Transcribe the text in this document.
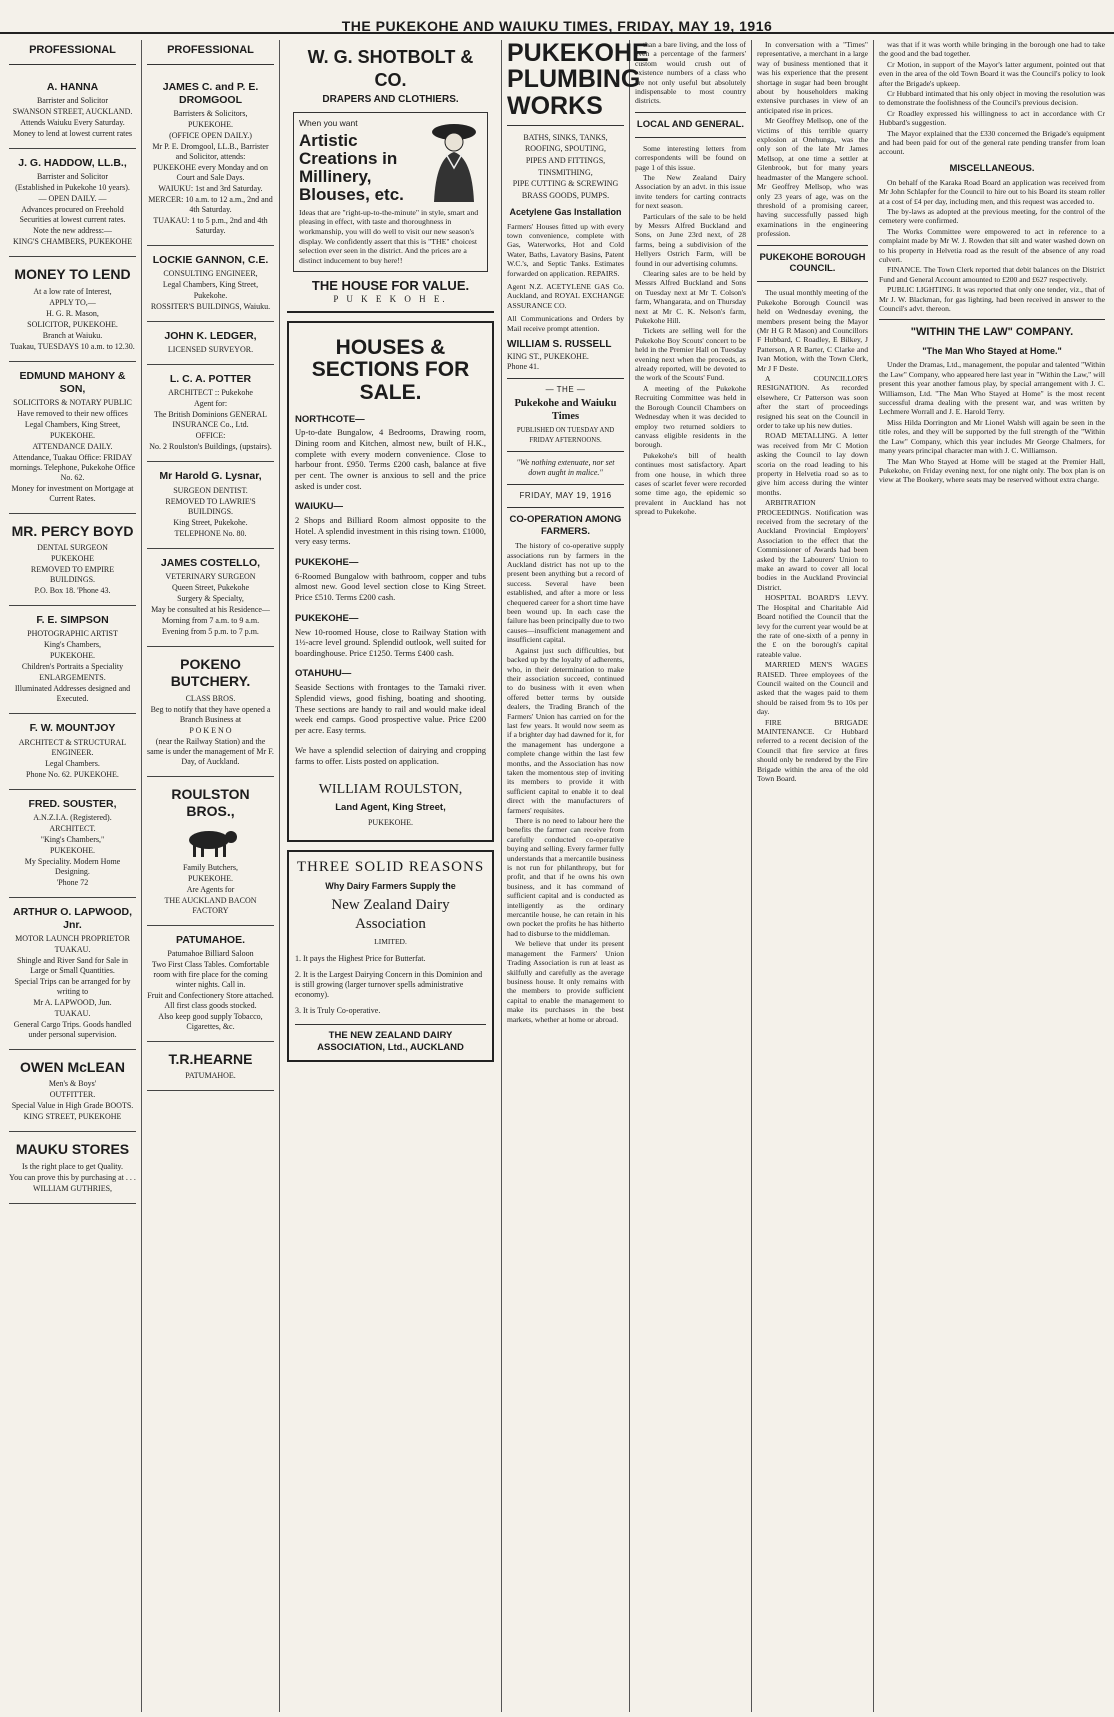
THE PUKEKOHE AND WAIUKU TIMES, FRIDAY, MAY 19, 1916
PROFESSIONAL
A. HANNA
Barrister and Solicitor
SWANSON STREET, AUCKLAND.
Attends Waiuku Every Saturday.
Money to lend at lowest current rates
J. G. HADDOW, LL.B.,
Barrister and Solicitor
(Established in Pukekohe 10 years).
— OPEN DAILY. —
Advances procured on Freehold Securities at lowest current rates.
Note the new address:—
KING'S CHAMBERS, PUKEKOHE
MONEY TO LEND
At a low rate of Interest,
APPLY TO,—
H. G. R. Mason,
SOLICITOR, PUKEKOHE.
Branch at Waiuku.
Tuakau, TUESDAYS 10 a.m. to 12.30.
EDMUND MAHONY & SON,
SOLICITORS & NOTARY PUBLIC
Have removed to their new offices
Legal Chambers, King Street,
PUKEKOHE.
ATTENDANCE DAILY.
Attendance, Tuakau Office: FRIDAY mornings. Telephone, Pukekohe Office No. 62.
Money for investment on Mortgage at Current Rates.
MR. PERCY BOYD
DENTAL SURGEON
PUKEKOHE
REMOVED TO EMPIRE BUILDINGS.
P.O. Box 18. 'Phone 43.
F. E. SIMPSON
PHOTOGRAPHIC ARTIST
King's Chambers,
PUKEKOHE.
Children's Portraits a Speciality
ENLARGEMENTS.
Illuminated Addresses designed and Executed.
F. W. MOUNTJOY
ARCHITECT & STRUCTURAL ENGINEER.
Legal Chambers.
Phone No. 62. PUKEKOHE.
FRED. SOUSTER,
A.N.Z.I.A. (Registered).
ARCHITECT.
"King's Chambers,"
PUKEKOHE.
My Speciality. Modern Home Designing.
'Phone 72
ARTHUR O. LAPWOOD, Jnr.
MOTOR LAUNCH PROPRIETOR
TUAKAU.
Shingle and River Sand for Sale in Large or Small Quantities.
Special Trips can be arranged for by writing to
Mr A. LAPWOOD, Jun.
TUAKAU.
General Cargo Trips. Goods handled under personal supervision.
OWEN McLEAN
Men's & Boys'
OUTFITTER.
Special Value in High Grade BOOTS.
KING STREET, PUKEKOHE
MAUKU STORES
Is the right place to get Quality.
You can prove this by purchasing at . . .
WILLIAM GUTHRIES,
PROFESSIONAL
JAMES C. and P. E. DROMGOOL
Barristers & Solicitors,
PUKEKOHE.
(OFFICE OPEN DAILY.)
Mr P. E. Dromgool, LL.B., Barrister and Solicitor, attends:
PUKEKOHE every Monday and on Court and Sale Days.
WAIUKU: 1st and 3rd Saturday.
MERCER: 10 a.m. to 12 a.m., 2nd and 4th Saturday.
TUAKAU: 1 to 5 p.m., 2nd and 4th Saturday.
LOCKIE GANNON, C.E.
CONSULTING ENGINEER,
Legal Chambers, King Street,
Pukekohe.
ROSSITER'S BUILDINGS, Waiuku.
JOHN K. LEDGER,
LICENSED SURVEYOR.
L. C. A. POTTER
ARCHITECT :: Pukekohe
Agent for:
The British Dominions GENERAL INSURANCE Co., Ltd.
OFFICE:
No. 2 Roulston's Buildings, (upstairs).
Mr Harold G. Lysnar,
SURGEON DENTIST.
REMOVED TO LAWRIE'S BUILDINGS.
King Street, Pukekohe.
TELEPHONE No. 80.
JAMES COSTELLO,
VETERINARY SURGEON
Queen Street, Pukekohe
Surgery & Specialty,
May be consulted at his Residence—
Morning from 7 a.m. to 9 a.m.
Evening from 5 p.m. to 7 p.m.
POKENO BUTCHERY.
CLASS BROS.
Beg to notify that they have opened a Branch Business at
P O K E N O
(near the Railway Station) and the same is under the management of Mr F. Day, of Auckland.
ROULSTON BROS.,
Family Butchers,
PUKEKOHE.
Are Agents for
THE AUCKLAND BACON FACTORY
PATUMAHOE.
Patumahoe Billiard Saloon
Two First Class Tables. Comfortable room with fire place for the coming winter nights. Call in.
Fruit and Confectionery Store attached. All first class goods stocked.
Also keep good supply Tobacco, Cigarettes, &c.
T.R.HEARNE
PATUMAHOE.
W. G. SHOTBOLT & CO.
DRAPERS AND CLOTHIERS.
When you want
Artistic Creations in Millinery, Blouses, etc.
Ideas that are "right-up-to-the-minute" in style, smart and pleasing in effect, with taste and thoroughness in workmanship, you will do well to visit our new season's display. We confidently assert that this is "THE" choicest selection ever seen in the district. And the prices are a distinct inducement to buy here!!
THE HOUSE FOR VALUE.
P U K E K O H E.
HOUSES & SECTIONS FOR SALE.
NORTHCOTE—
Up-to-date Bungalow, 4 Bedrooms, Drawing room, Dining room and Kitchen, almost new, built of H.K., complete with every modern convenience. Close to harbour front. £950. Terms £200 cash, balance at five per cent. The owner is anxious to sell and the price asked is under cost.
WAIUKU—
2 Shops and Billiard Room almost opposite to the Hotel. A splendid investment in this rising town. £1000, very easy terms.
PUKEKOHE—
6-Roomed Bungalow with bathroom, copper and tubs almost new. Good level section close to King Street. Price £510. Terms £200 cash.
PUKEKOHE—
New 10-roomed House, close to Railway Station with 1½-acre level ground. Splendid outlook, well suited for boardinghouse. Price £1250. Terms £400 cash.
OTAHUHU—
Seaside Sections with frontages to the Tamaki river. Splendid views, good fishing, boating and shooting. These sections are handy to rail and would make ideal week end camps. Good prospective value. Price £200 per acre. Easy terms.
We have a splendid selection of dairying and cropping farms to offer. Lists posted on application.
WILLIAM ROULSTON,
Land Agent, King Street,
PUKEKOHE.
THREE SOLID REASONS
Why Dairy Farmers Supply the
New Zealand Dairy Association
LIMITED.
1. It pays the Highest Price for Butterfat.
2. It is the Largest Dairying Concern in this Dominion and is still growing (larger turnover spells administrative economy).
3. It is Truly Co-operative.
THE NEW ZEALAND DAIRY ASSOCIATION, Ltd., AUCKLAND
PUKEKOHE PLUMBING WORKS
BATHS, SINKS, TANKS,
ROOFING, SPOUTING,
PIPES AND FITTINGS,
TINSMITHING,
PIPE CUTTING & SCREWING
BRASS GOODS, PUMPS.
Acetylene Gas Installation
Farmers' Houses fitted up with every town convenience, complete with Gas, Waterworks, Hot and Cold Water, Baths, Lavatory Basins, Patent W.C.'s, and Septic Tanks. Estimates forwarded on application. REPAIRS.
Agent N.Z. ACETYLENE GAS Co. Auckland, and ROYAL EXCHANGE ASSURANCE CO.
All Communications and Orders by Mail receive prompt attention.
WILLIAM S. RUSSELL
KING ST., PUKEKOHE.
Phone 41.
— THE —
Pukekohe and Waiuku Times
PUBLISHED ON TUESDAY AND FRIDAY AFTERNOONS.
"We nothing extenuate, nor set down aught in malice."
FRIDAY, MAY 19, 1916
CO-OPERATION AMONG FARMERS.

The history of co-operative supply associations run by farmers in the Auckland district has not up to the present been anything but a record of success. Several have been established, and after a more or less chequered career for a short time have been wound up. In each case the failure has been principally due to two causes—insufficient management and insufficient capital.

Against just such difficulties, but backed up by the loyalty of adherents, who, in their determination to make their association succeed, continued to do business with it even when offered better terms by outside dealers, the Trading Branch of the Farmers' Union has carried on for the last few years. It would now seem as if a brighter day had dawned for it, for the management has undergone a complete change within the last few months, and the Association has now taken the momentous step of inviting its members to provide it with sufficient capital to enable it to deal direct with the manufacturers of farmers' requisites.

There is no need to labour here the benefits the farmer can receive from carefully conducted co-operative buying and selling. Every farmer fully understands that a mercantile business is not run for philanthropy, but for profit, and that if he owns his own business, and it has command of sufficient capital and is conducted as intelligently as the ordinary mercantile house, he can retain in his own pocket the profits he has hitherto had to disburse to the middleman.

We believe that under its present management the Farmers' Union Trading Association is run at least as skilfully and carefully as the average business house. It only remains with the members to provide sufficient capital to enable the management to make its purchases in the best markets, whether at home or abroad.

than a bare living, and the loss of even a percentage of the farmers' custom would crush out of existence numbers of a class who are not only useful but absolutely indispensable to most country districts.

LOCAL AND GENERAL.

Some interesting letters from correspondents will be found on page 1 of this issue.

The New Zealand Dairy Association by an advt. in this issue invite tenders for carting contracts for next season.

Particulars of the sale to be held by Messrs Alfred Buckland and Sons, on June 23rd next, of 28 farms, being a subdivision of the Hellyers Ostrich Farm, will be found in our advertising columns.

Clearing sales are to be held by Messrs Alfred Buckland and Sons on Tuesday next at Mr T. Colson's farm, Whangarata, and on Thursday next at Mr C. K. Nelson's farm, Pukekohe Hill.

Tickets are selling well for the Pukekohe Boy Scouts' concert to be held in the Premier Hall on Tuesday evening next when the proceeds, as already reported, will be devoted to the work of the Scouts' Fund.

A meeting of the Pukekohe Recruiting Committee was held in the Borough Council Chambers on Wednesday when it was decided to employ two returned soldiers to canvass eligible residents in the borough.

Pukekohe's bill of health continues most satisfactory. Apart from one house, in which three cases of scarlet fever were recorded some time ago, the epidemic so prevalent in Auckland has not spread to Pukekohe.

In conversation with a "Times" representative, a merchant in a large way of business mentioned that it was his experience that the present shortage in sugar had been brought about by householders making extensive purchases in view of an anticipated rise in prices.

Mr Geoffrey Mellsop, one of the victims of this terrible quarry explosion at Onehunga, was the only son of the late Mr James Mellsop, at one time a settler at Glenbrook, but for many years headmaster of the Mangere school. Mr Geoffrey Mellsop, who was only 23 years of age, was on the threshold of a promising career, having successfully passed high examinations in the engineering profession.

PUKEKOHE BOROUGH COUNCIL.

The usual monthly meeting of the Pukekohe Borough Council was held on Wednesday evening, the members present being the Mayor (Mr H G R Mason) and Councillors F Hubbard, C Roadley, E Bilkey, J Patterson, A R Barter, C Clarke and Ivan Motion, with the Town Clerk, Mr J F Deste.

A COUNCILLOR'S RESIGNATION. As recorded elsewhere, Cr Patterson was soon after the start of proceedings resigned his seat on the Council in order to take up his new duties.

ROAD METALLING. A letter was received from Mr C Motion asking the Council to lay down scoria on the road leading to his property in Helvetia road so as to give him access during the winter months.

ARBITRATION PROCEEDINGS. Notification was received from the secretary of the Auckland Provincial Employers' Association to the effect that the Commissioner of Awards had been asked by the Labourers' Union to make an award to cover all local bodies in the Auckland Provincial District.

HOSPITAL BOARD'S LEVY. The Hospital and Charitable Aid Board notified the Council that the levy for the current year would be at the rate of one-sixth of a penny in the £ on the borough's capital rateable value.

MARRIED MEN'S WAGES RAISED. Three employees of the Council waited on the Council and asked that the wages paid to them should be raised from 9s to 10s per day.

FIRE BRIGADE MAINTENANCE. Cr Hubbard referred to a recent decision of the Council that fire service at fires should only be rendered by the Fire Brigade within the area of the old Town Board.

was that if it was worth while bringing in the borough one had to take the good and the bad together.

Cr Motion, in support of the Mayor's latter argument, pointed out that even in the area of the old Town Board it was the Council's policy to look after the Brigade's upkeep.

Cr Hubbard intimated that his only object in moving the resolution was to demonstrate the foolishness of the Council's previous decision.

Cr Roadley expressed his willingness to act in accordance with Cr Hubbard's suggestion.

The Mayor explained that the £330 concerned the Brigade's equipment and had been paid for out of the general rate pending transfer from loan account.

MISCELLANEOUS.

On behalf of the Karaka Road Board an application was received from Mr John Schlapfer for the Council to hire out to his Board its steam roller at a cost of £4 per day, including men, and this request was acceded to.

The by-laws as adopted at the previous meeting, for the control of the cemetery were confirmed.

The Works Committee were empowered to act in reference to a complaint made by Mr W. J. Rowden that silt and water washed down on to his property in Helvetia road as the result of the absence of any road culvert.

FINANCE. The Town Clerk reported that debit balances on the District Fund and General Account amounted to £200 and £627 respectively.

PUBLIC LIGHTING. It was reported that only one tender, viz., that of Mr J. W. Blackman, for gas lighting, had been received in answer to the Council's advt. thereon.

"WITHIN THE LAW" COMPANY.
"The Man Who Stayed at Home."

Under the Dramas, Ltd., management, the popular and talented "Within the Law" Company, who appeared here last year in "Within the Law," will present this year another famous play, by special arrangement with J. C. Williamson, Ltd. "The Man Who Stayed at Home" is the most recent successful drama dealing with the present war, and was written by Lechmere Worrall and J. E. Harold Terry.

Miss Hilda Dorrington and Mr Lionel Walsh will again be seen in the title roles, and they will be supported by the full strength of the "Within the Law" Company, which this year includes Mr George Chalmers, for many years principal character man with J. C. Williamson.

The Man Who Stayed at Home will be staged at the Premier Hall, Pukekohe, on Friday evening next, for one night only. The box plan is on view at The Bookery, where seats may be reserved without extra charge.
